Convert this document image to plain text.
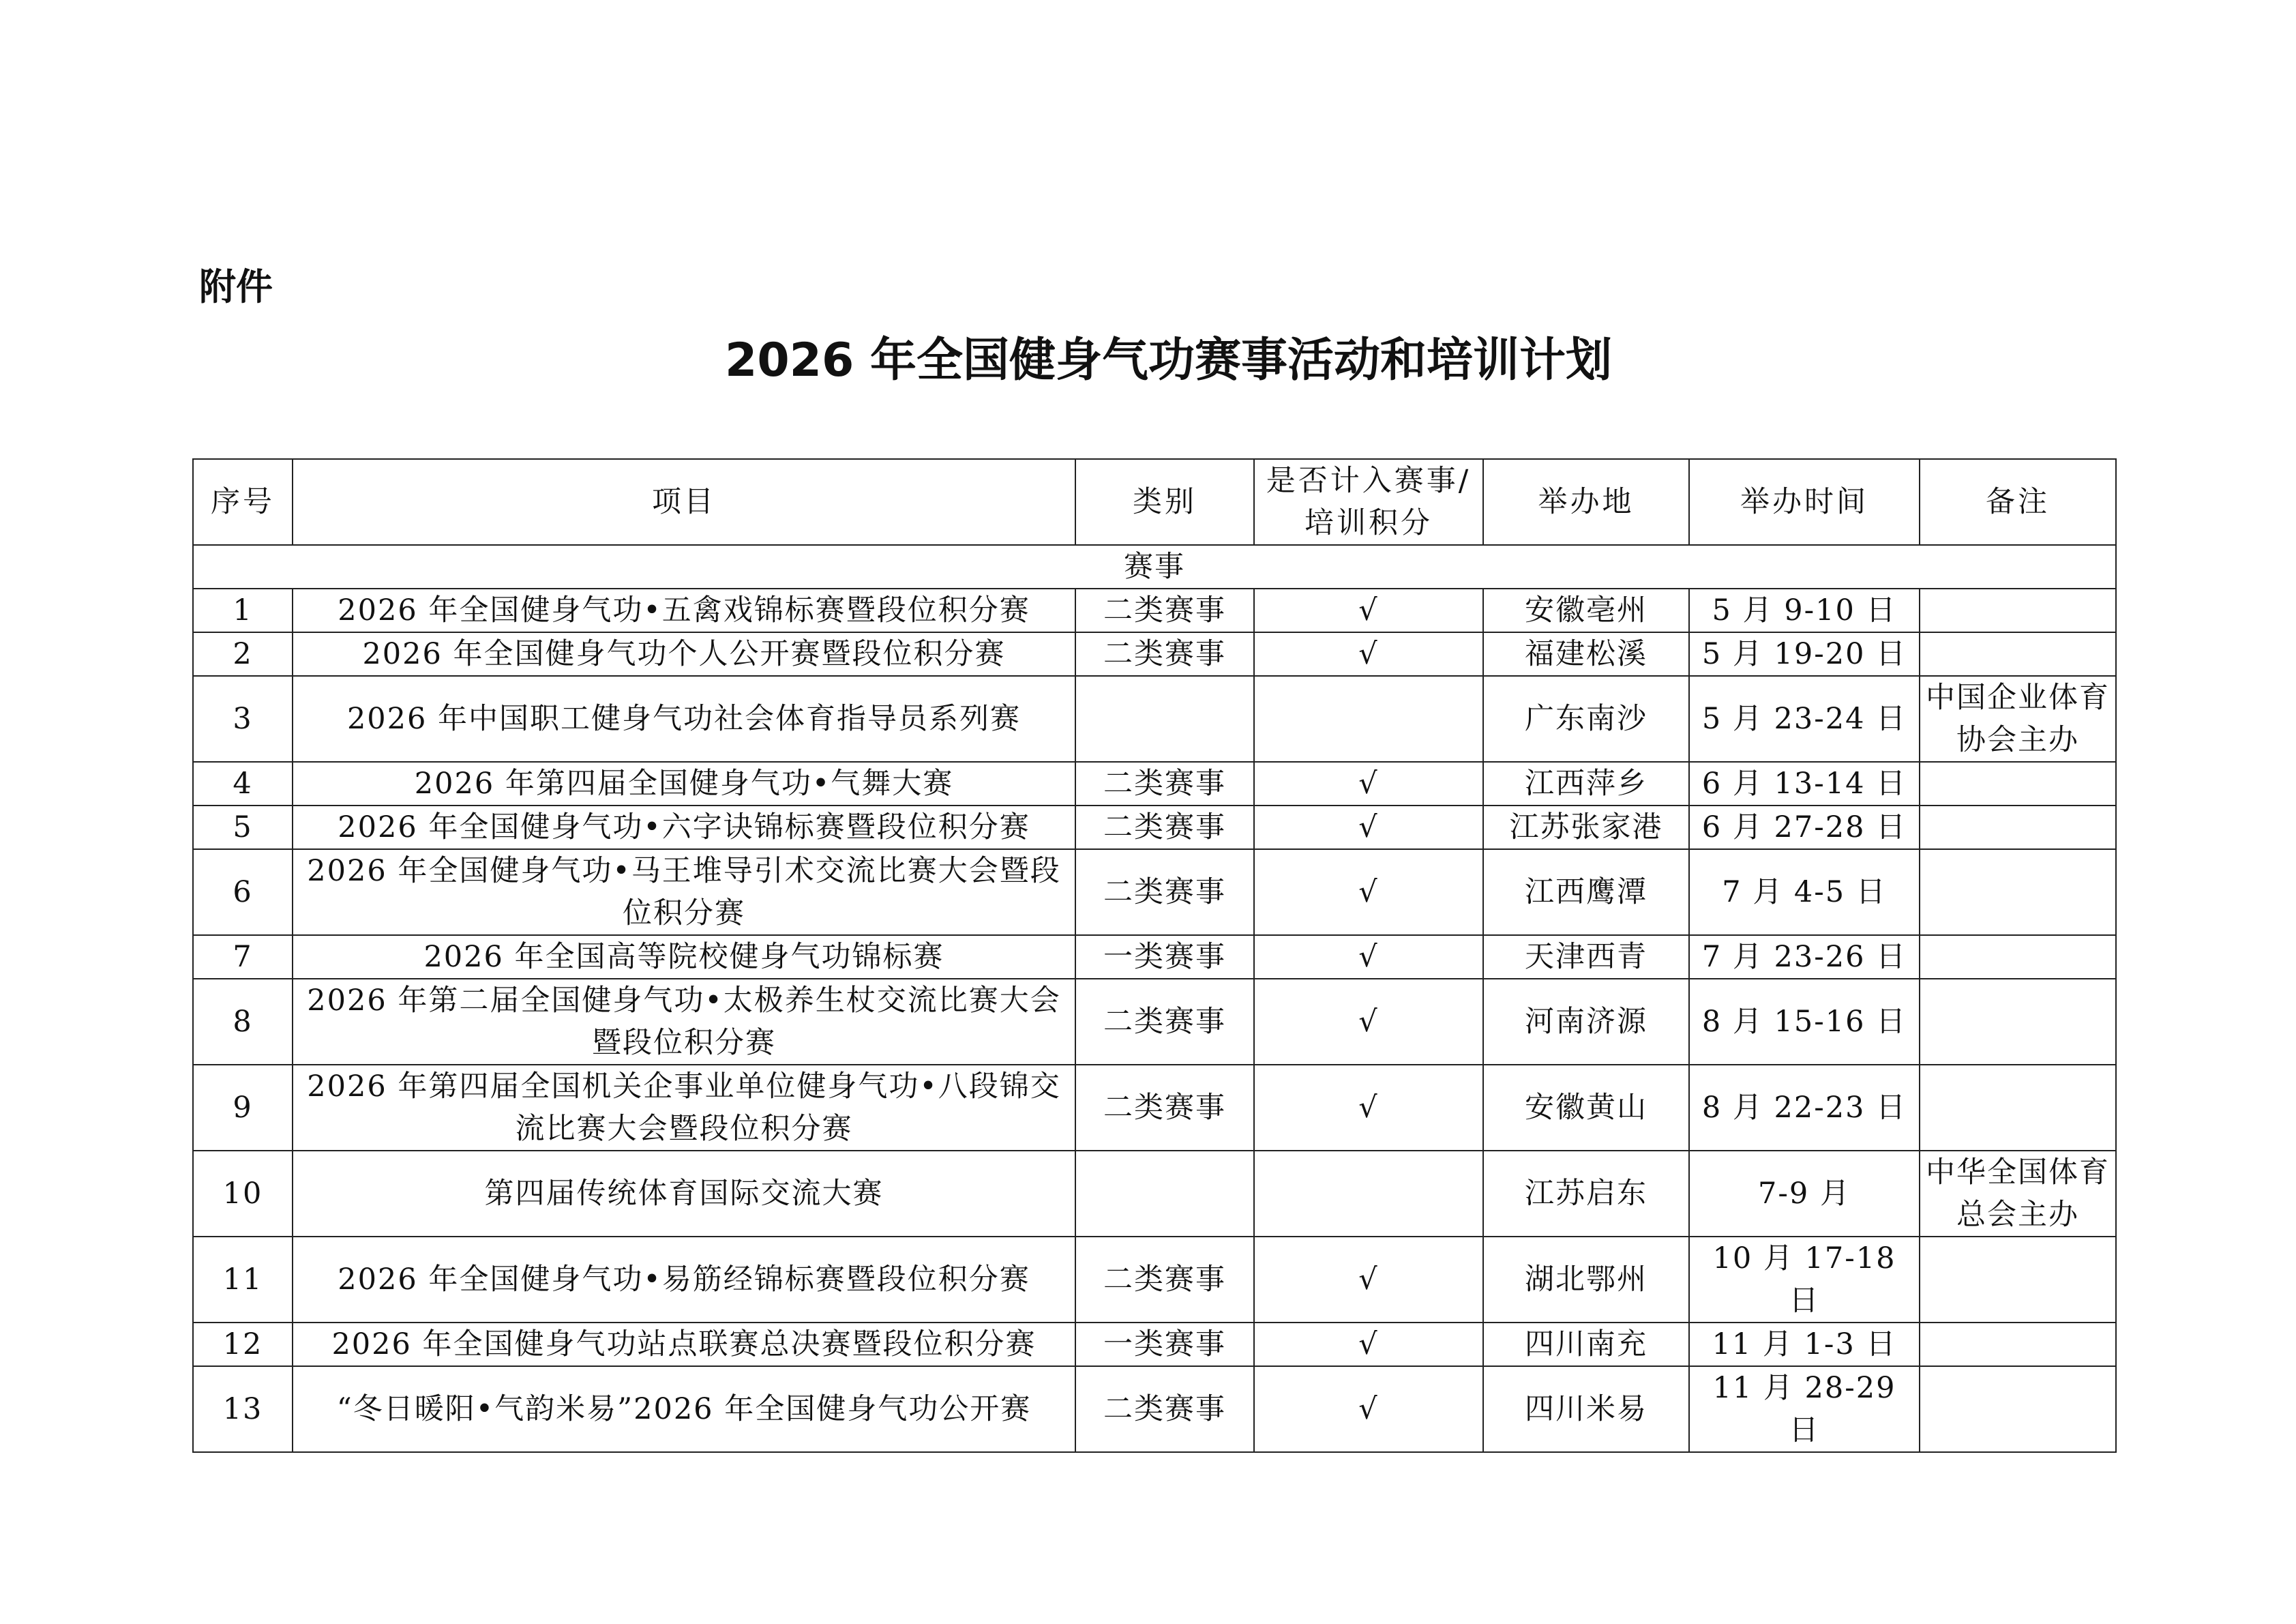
附件
2026 年全国健身气功赛事活动和培训计划
序号	项目	类别	是否计入赛事/培训积分	举办地	举办时间	备注
赛事						
1	2026 年全国健身气功•五禽戏锦标赛暨段位积分赛	二类赛事	√	安徽亳州	5 月 9-10 日	
2	2026 年全国健身气功个人公开赛暨段位积分赛	二类赛事	√	福建松溪	5 月 19-20 日	
3	2026 年中国职工健身气功社会体育指导员系列赛			广东南沙	5 月 23-24 日	中国企业体育协会主办
4	2026 年第四届全国健身气功•气舞大赛	二类赛事	√	江西萍乡	6 月 13-14 日	
5	2026 年全国健身气功•六字诀锦标赛暨段位积分赛	二类赛事	√	江苏张家港	6 月 27-28 日	
6	2026 年全国健身气功•马王堆导引术交流比赛大会暨段位积分赛	二类赛事	√	江西鹰潭	7 月 4-5 日	
7	2026 年全国高等院校健身气功锦标赛	一类赛事	√	天津西青	7 月 23-26 日	
8	2026 年第二届全国健身气功•太极养生杖交流比赛大会暨段位积分赛	二类赛事	√	河南济源	8 月 15-16 日	
9	2026 年第四届全国机关企事业单位健身气功•八段锦交流比赛大会暨段位积分赛	二类赛事	√	安徽黄山	8 月 22-23 日	
10	第四届传统体育国际交流大赛			江苏启东	7-9 月	中华全国体育总会主办
11	2026 年全国健身气功•易筋经锦标赛暨段位积分赛	二类赛事	√	湖北鄂州	10 月 17-18 日	
12	2026 年全国健身气功站点联赛总决赛暨段位积分赛	一类赛事	√	四川南充	11 月 1-3 日	
13	“冬日暖阳•气韵米易”2026 年全国健身气功公开赛	二类赛事	√	四川米易	11 月 28-29 日	
